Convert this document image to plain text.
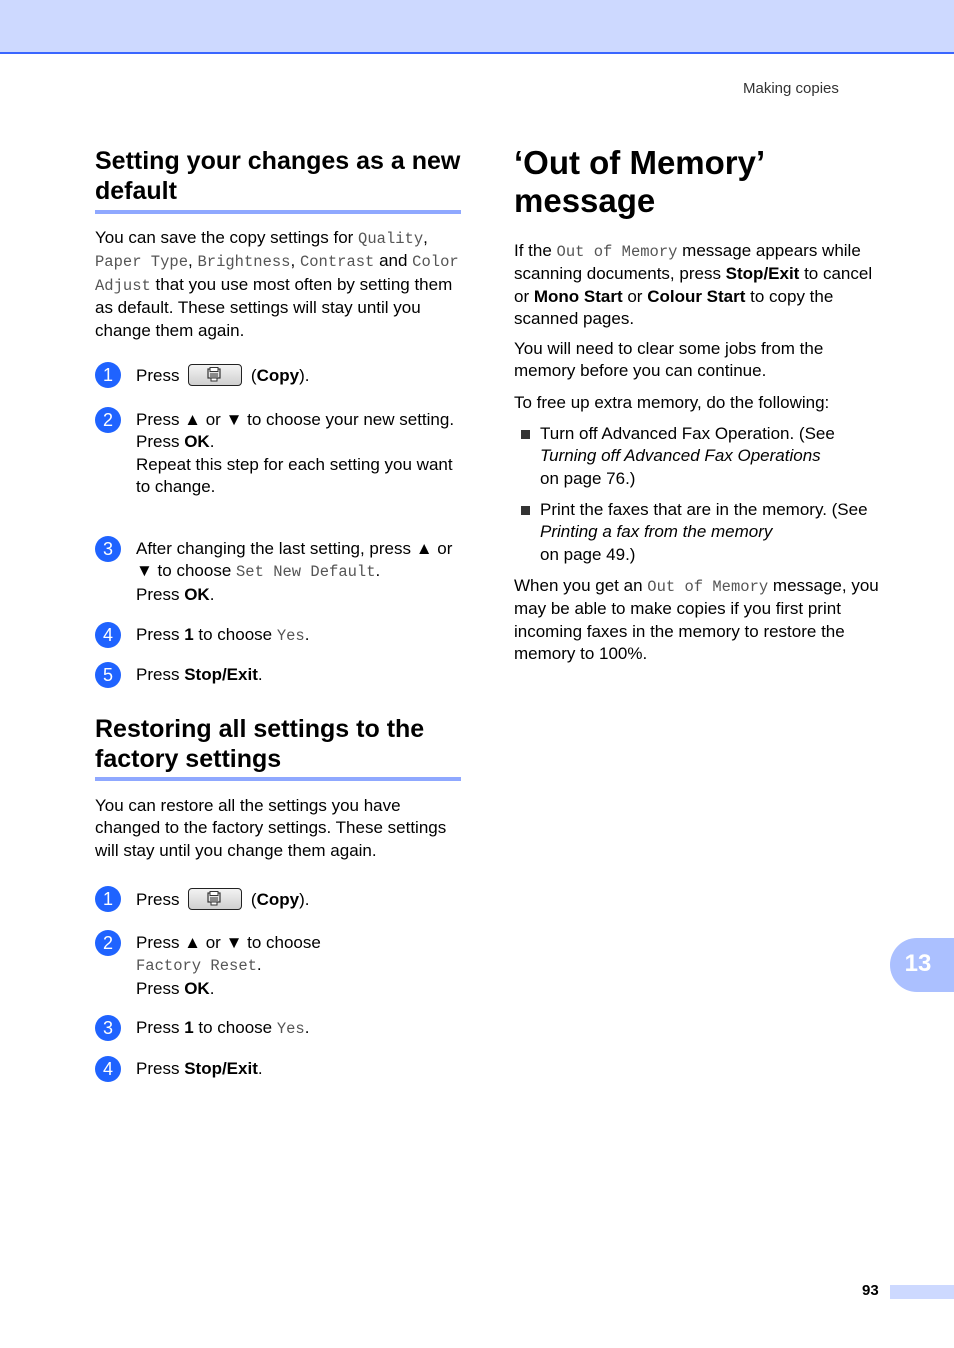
Making copies
Setting your changes as a new default

You can save the copy settings for Quality, Paper Type, Brightness, Contrast and Color Adjust that you use most often by setting them as default. These settings will stay until you change them again.

1	Press	(Copy).
2	Press ▲ or ▼ to choose your new setting.
Press OK.
Repeat this step for each setting you want to change.
3	After changing the last setting, press ▲ or ▼ to choose Set New Default.
Press OK.
4	Press 1 to choose Yes.
5	Press Stop/Exit.
Restoring all settings to the factory settings

You can restore all the settings you have changed to the factory settings. These settings will stay until you change them again.

1	Press	(Copy).
2	Press ▲ or ▼ to choose
Factory Reset.
Press OK.
3	Press 1 to choose Yes.
4	Press Stop/Exit.
‘Out of Memory’ message

If the Out of Memory message appears while scanning documents, press Stop/Exit to cancel or Mono Start or Colour Start to copy the scanned pages.

You will need to clear some jobs from the memory before you can continue.

To free up extra memory, do the following:

Turn off Advanced Fax Operation. (See Turning off Advanced Fax Operations
on page 76.)
Print the faxes that are in the memory. (See Printing a fax from the memory
on page 49.)

When you get an Out of Memory message, you may be able to make copies if you first print incoming faxes in the memory to restore the memory to 100%.

13
93
